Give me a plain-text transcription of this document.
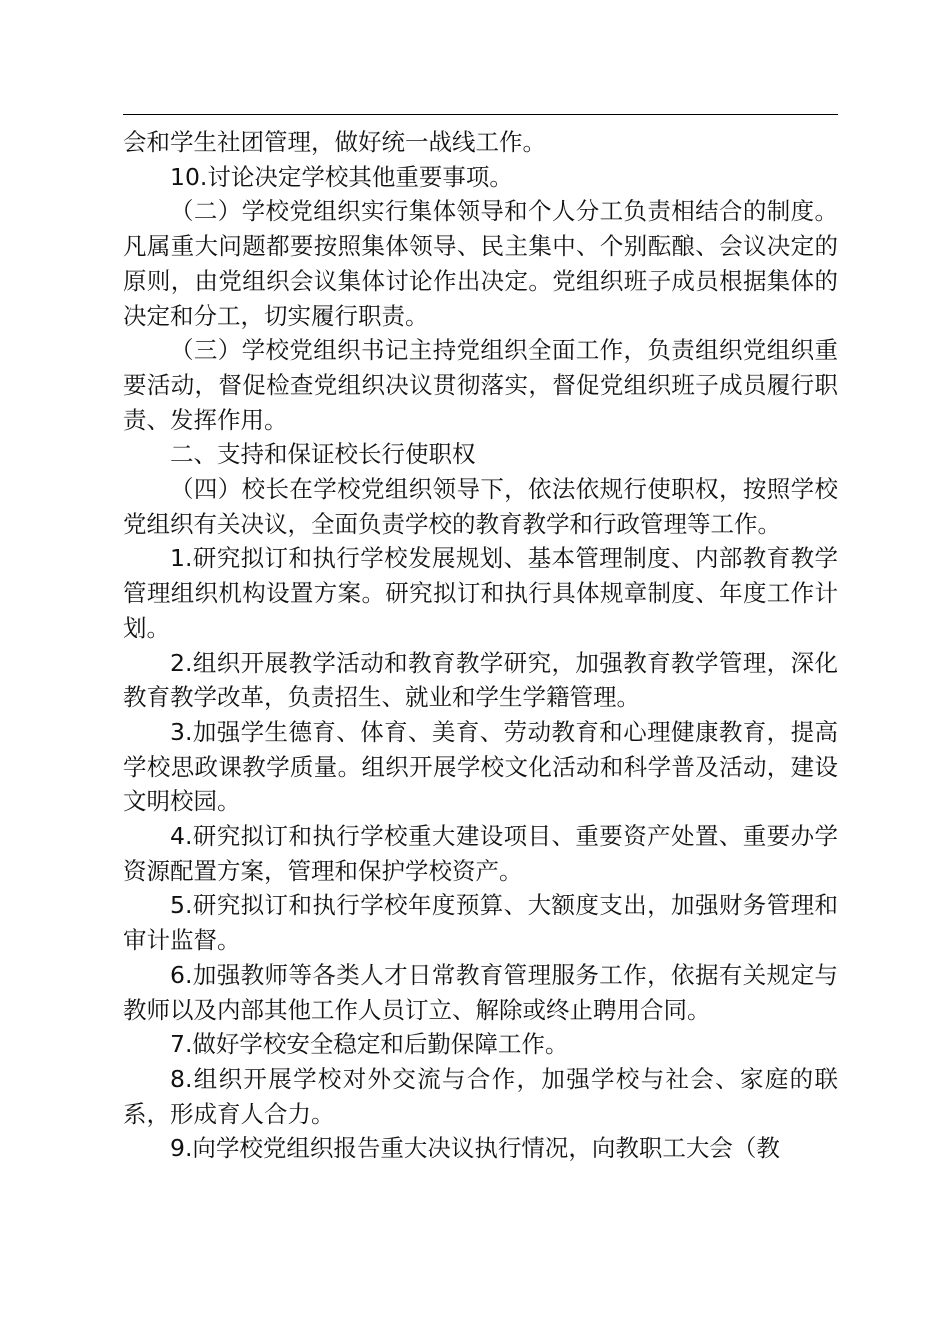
会和学生社团管理，做好统一战线工作。

10.讨论决定学校其他重要事项。

（二）学校党组织实行集体领导和个人分工负责相结合的制度。凡属重大问题都要按照集体领导、民主集中、个别酝酿、会议决定的原则，由党组织会议集体讨论作出决定。党组织班子成员根据集体的决定和分工，切实履行职责。

（三）学校党组织书记主持党组织全面工作，负责组织党组织重要活动，督促检查党组织决议贯彻落实，督促党组织班子成员履行职责、发挥作用。

二、支持和保证校长行使职权

（四）校长在学校党组织领导下，依法依规行使职权，按照学校党组织有关决议，全面负责学校的教育教学和行政管理等工作。

1.研究拟订和执行学校发展规划、基本管理制度、内部教育教学管理组织机构设置方案。研究拟订和执行具体规章制度、年度工作计划。

2.组织开展教学活动和教育教学研究，加强教育教学管理，深化教育教学改革，负责招生、就业和学生学籍管理。

3.加强学生德育、体育、美育、劳动教育和心理健康教育，提高学校思政课教学质量。组织开展学校文化活动和科学普及活动，建设文明校园。

4.研究拟订和执行学校重大建设项目、重要资产处置、重要办学资源配置方案，管理和保护学校资产。

5.研究拟订和执行学校年度预算、大额度支出，加强财务管理和审计监督。

6.加强教师等各类人才日常教育管理服务工作，依据有关规定与教师以及内部其他工作人员订立、解除或终止聘用合同。

7.做好学校安全稳定和后勤保障工作。

8.组织开展学校对外交流与合作，加强学校与社会、家庭的联系，形成育人合力。

9.向学校党组织报告重大决议执行情况，向教职工大会（教
